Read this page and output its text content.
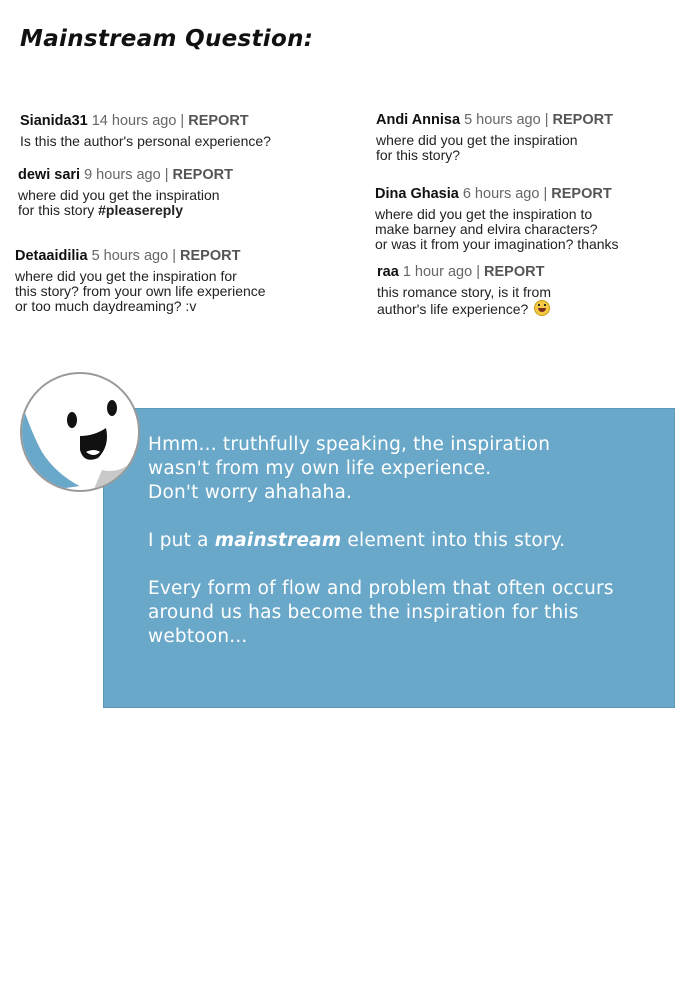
Mainstream Question:
Sianida31 14 hours ago | REPORT
Is this the author's personal experience?
dewi sari 9 hours ago | REPORT
where did you get the inspiration
for this story #pleasereply
Detaaidilia 5 hours ago | REPORT
where did you get the inspiration for
this story? from your own life experience
or too much daydreaming? :v
Andi Annisa 5 hours ago | REPORT
where did you get the inspiration
for this story?
Dina Ghasia 6 hours ago | REPORT
where did you get the inspiration to
make barney and elvira characters?
or was it from your imagination? thanks
raa 1 hour ago | REPORT
this romance story, is it from
author's life experience?

Hmm... truthfully speaking, the inspiration
wasn't from my own life experience.
Don't worry ahahaha.

I put a mainstream element into this story.

Every form of flow and problem that often occurs
around us has become the inspiration for this
webtoon...
